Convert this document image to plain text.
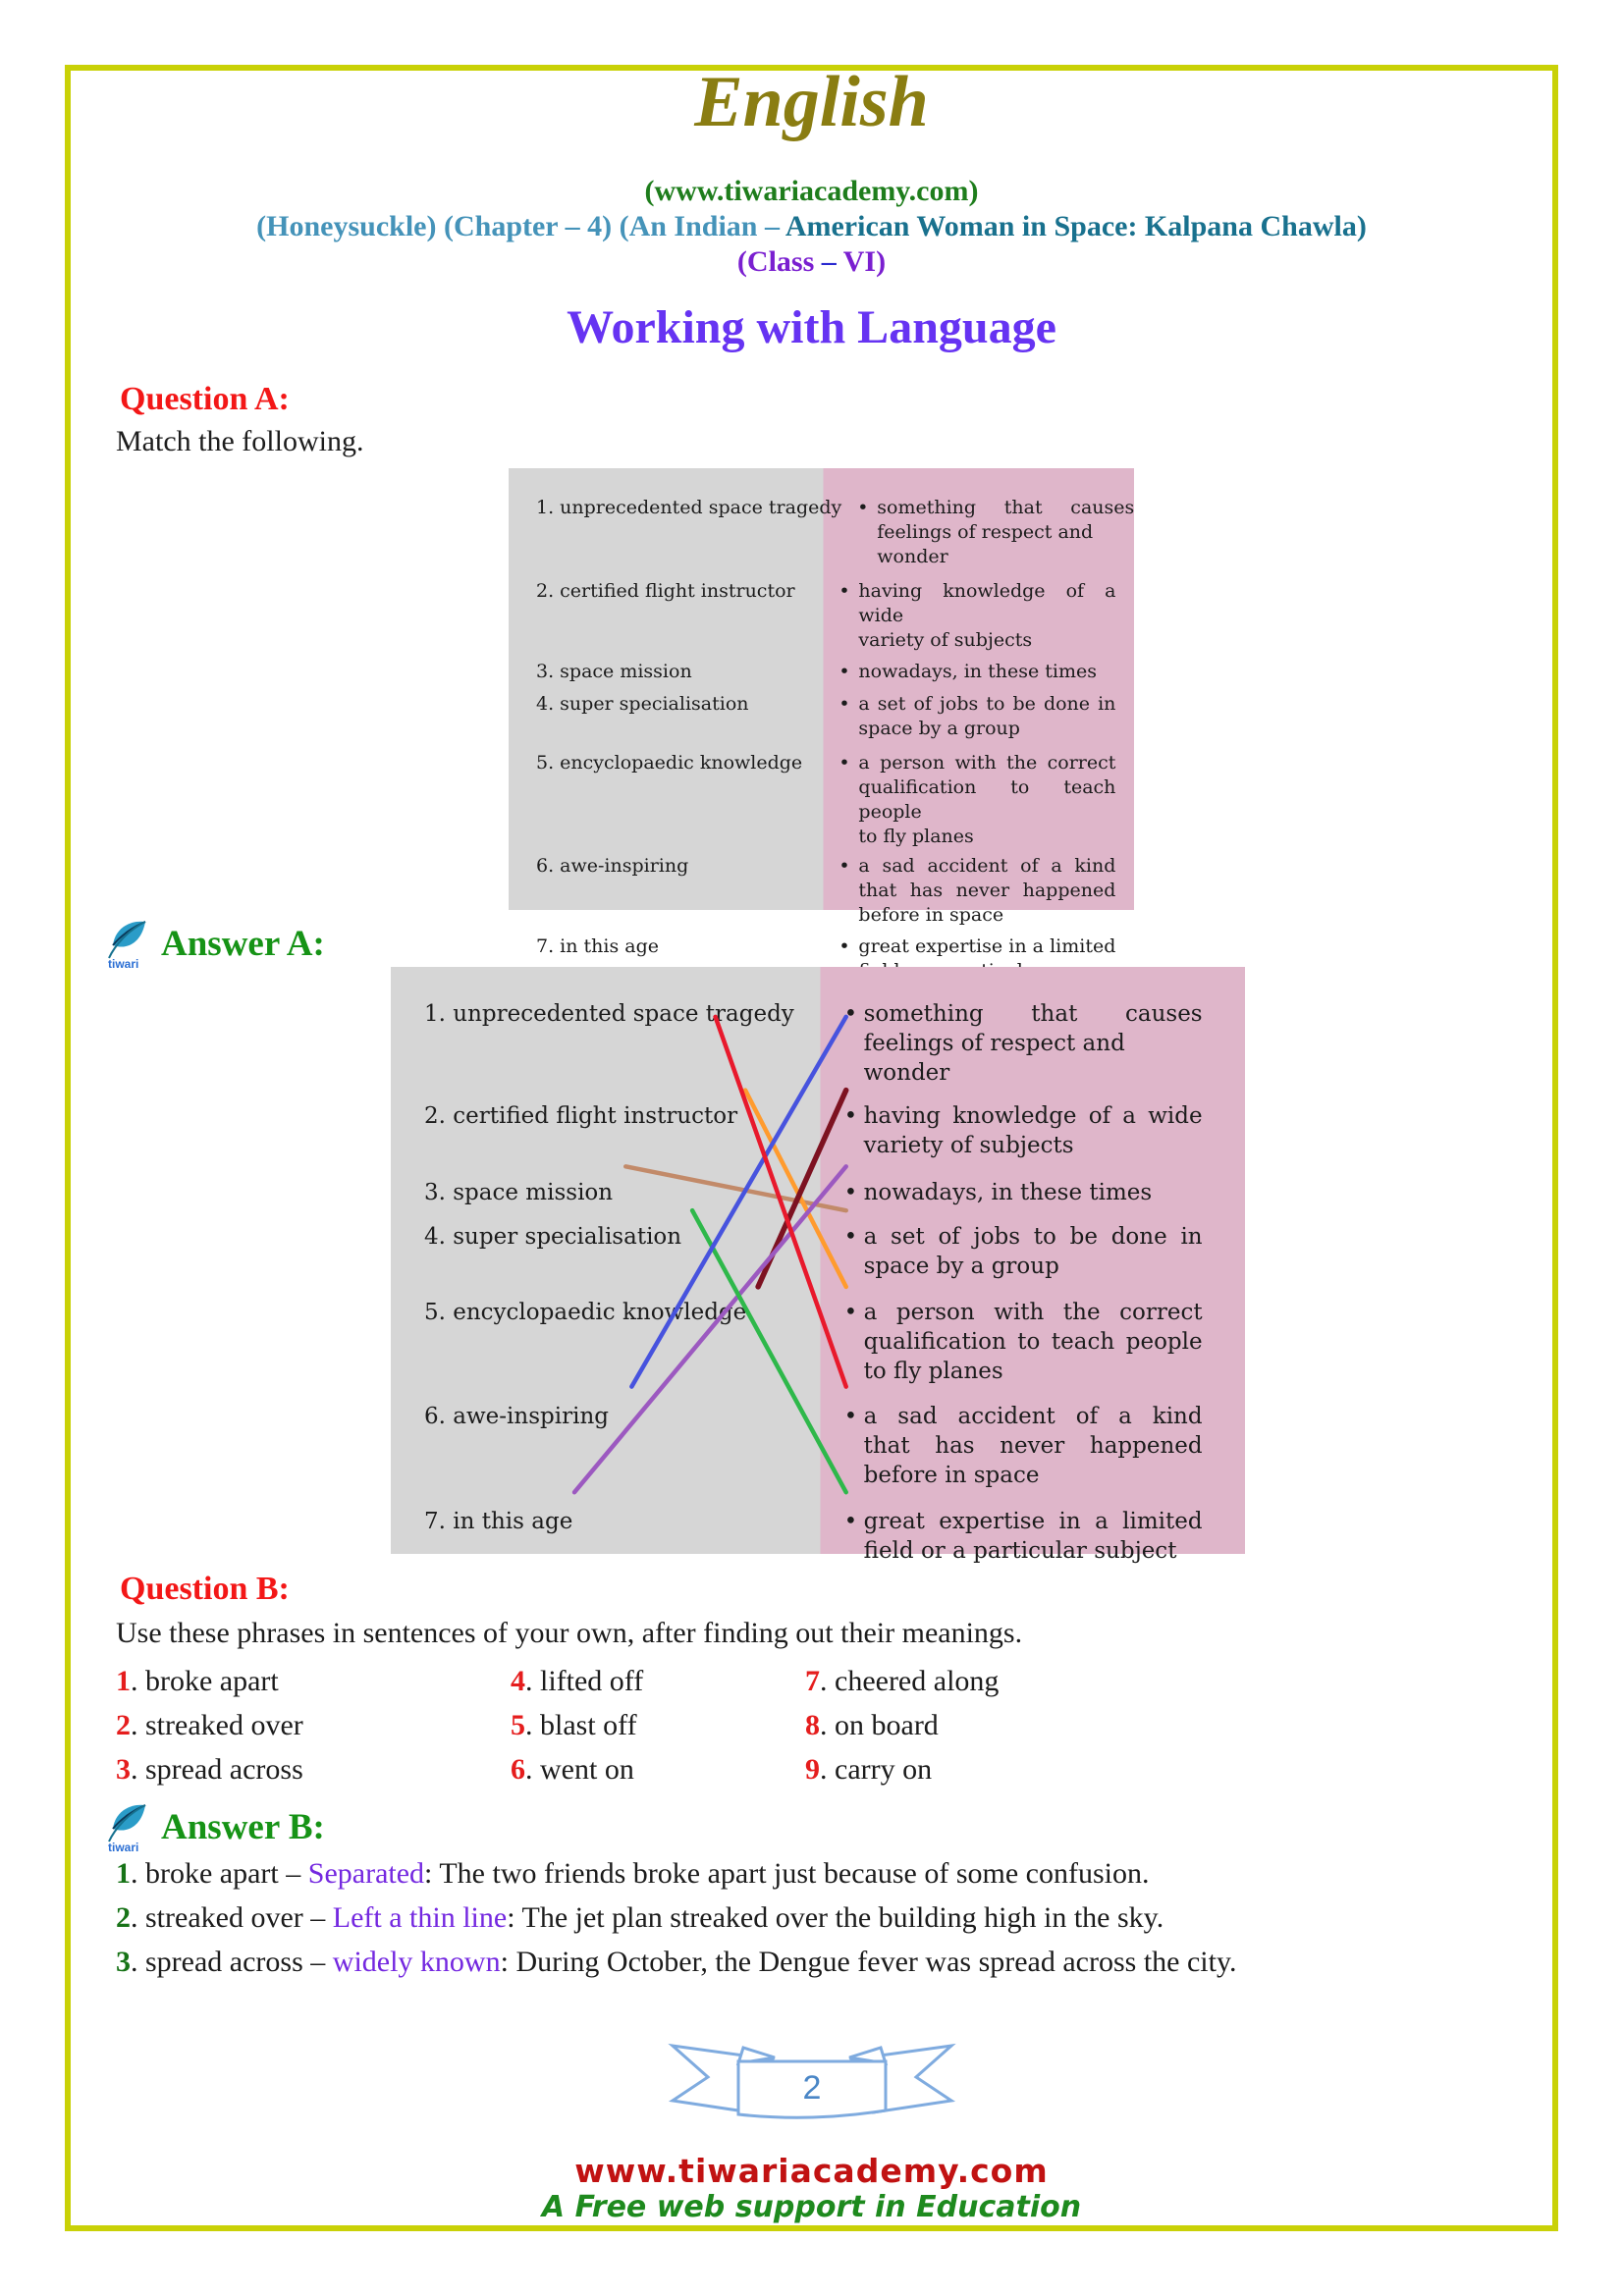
English
(www.tiwariacademy.com)
(Honeysuckle) (Chapter – 4) (An Indian – American Woman in Space: Kalpana Chawla)
(Class – VI)
Working with Language
Question A:
Match the following.
1. unprecedented space tragedy • something that causes
feelings of respect and wonder
2. certified flight instructor	• having knowledge of a wide
variety of subjects
3. space mission	• nowadays, in these times
4. super specialisation	• a set of jobs to be done in
space by a group
5. encyclopaedic knowledge	• a person with the correct
qualification to teach people
to fly planes
6. awe-inspiring	• a sad accident of a kind
that has never happened
before in space
7. in this age	• great expertise in a limited
tiwari
Answer A:
1. unprecedented space tragedy	• something that causes
feelings of respect and wonder
2. certified flight instructor	• having knowledge of a wide
variety of subjects
3. space mission	• nowadays, in these times
4. super specialisation	• a set of jobs to be done in
space by a group
5. encyclopaedic knowledge	• a person with the correct
qualification to teach people
to fly planes
6. awe-inspiring	• a sad accident of a kind
that has never happened
before in space
7. in this age	• great expertise in a limited
field or a particular subject
Question B:
Use these phrases in sentences of your own, after finding out their meanings.
1. broke apart	4. lifted off	7. cheered along
2. streaked over	5. blast off	8. on board
3. spread across	6. went on	9. carry on
tiwari
Answer B:
1. broke apart – Separated: The two friends broke apart just because of some confusion.
2. streaked over – Left a thin line: The jet plan streaked over the building high in the sky.
3. spread across – widely known: During October, the Dengue fever was spread across the city.
2
www.tiwariacademy.com
A Free web support in Education
